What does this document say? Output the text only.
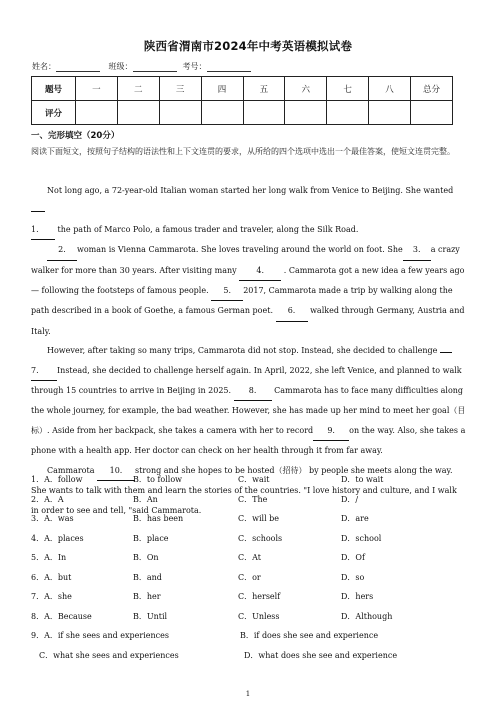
陕西省渭南市2024年中考英语模拟试卷
姓名：	班级：	考号：
题号	一	二	三	四	五	六	七	八	总分
评分									
一、完形填空（20分）
阅读下面短文，按照句子结构的语法性和上下文连贯的要求，从所给的四个选项中选出一个最佳答案，使短文连贯完整。

Not long ago, a 72-year-old Italian woman started her long walk from Venice to Beijing. She wanted
1. the path of Marco Polo, a famous trader and traveler, along the Silk Road.

2. woman is Vienna Cammarota. She loves traveling around the world on foot. She 3. a crazy walker for more than 30 years. After visiting many 4. . Cammarota got a new idea a few years ago — following the footsteps of famous people. 5. 2017, Cammarota made a trip by walking along the path described in a book of Goethe, a famous German poet. 6. walked through Germany, Austria and Italy.

However, after taking so many trips, Cammarota did not stop. Instead, she decided to challenge
7. Instead, she decided to challenge herself again. In April, 2022, she left Venice, and planned to walk through 15 countries to arrive in Beijing in 2025. 8. Cammarota has to face many difficulties along the whole journey, for example, the bad weather. However, she has made up her mind to meet her goal（目标）. Aside from her backpack, she takes a camera with her to record 9. on the way. Also, she takes a phone with a health app. Her doctor can check on her health through it from far away.

Cammarota 10. strong and she hopes to be hosted（招待） by people she meets along the way. She wants to talk with them and learn the stories of the countries. "I love history and culture, and I walk in order to see and tell, "said Cammarota.

1．A．follow	B．to follow	C．wait	D．to wait
2．A．A	B．An	C．The	D．/
3．A．was	B．has been	C．will be	D．are
4．A．places	B．place	C．schools	D．school
5．A．In	B．On	C．At	D．Of
6．A．but	B．and	C．or	D．so
7．A．she	B．her	C．herself	D．hers
8．A．Because	B．Until	C．Unless	D．Although
9．A．if she sees and experiences	B．if does she see and experience
C．what she sees and experiences	D．what does she see and experience
1
